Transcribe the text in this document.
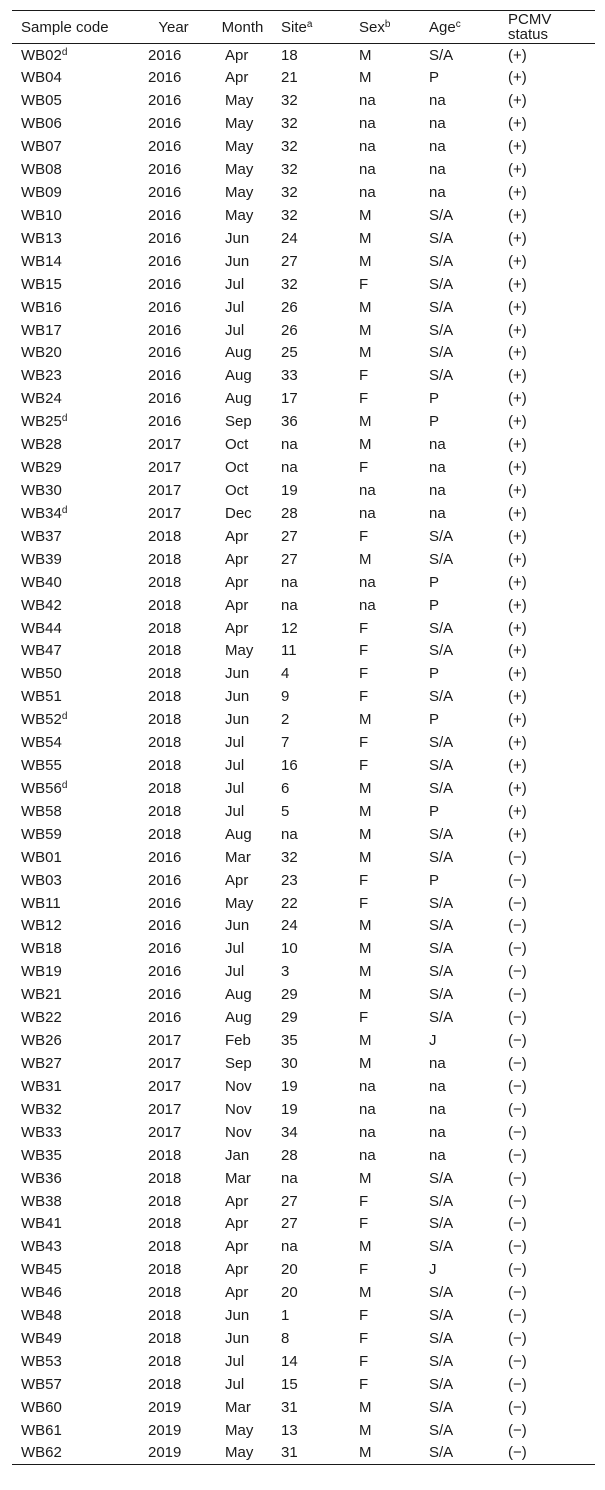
Sample code	Year	Month	Site$^a$	Sex$^b$	Age$^c$	PCMV status
WB02$^d$	2016	Apr	18	M	S/A	(+)
WB04	2016	Apr	21	M	P	(+)
WB05	2016	May	32	na	na	(+)
WB06	2016	May	32	na	na	(+)
WB07	2016	May	32	na	na	(+)
WB08	2016	May	32	na	na	(+)
WB09	2016	May	32	na	na	(+)
WB10	2016	May	32	M	S/A	(+)
WB13	2016	Jun	24	M	S/A	(+)
WB14	2016	Jun	27	M	S/A	(+)
WB15	2016	Jul	32	F	S/A	(+)
WB16	2016	Jul	26	M	S/A	(+)
WB17	2016	Jul	26	M	S/A	(+)
WB20	2016	Aug	25	M	S/A	(+)
WB23	2016	Aug	33	F	S/A	(+)
WB24	2016	Aug	17	F	P	(+)
WB25$^d$	2016	Sep	36	M	P	(+)
WB28	2017	Oct	na	M	na	(+)
WB29	2017	Oct	na	F	na	(+)
WB30	2017	Oct	19	na	na	(+)
WB34$^d$	2017	Dec	28	na	na	(+)
WB37	2018	Apr	27	F	S/A	(+)
WB39	2018	Apr	27	M	S/A	(+)
WB40	2018	Apr	na	na	P	(+)
WB42	2018	Apr	na	na	P	(+)
WB44	2018	Apr	12	F	S/A	(+)
WB47	2018	May	11	F	S/A	(+)
WB50	2018	Jun	4	F	P	(+)
WB51	2018	Jun	9	F	S/A	(+)
WB52$^d$	2018	Jun	2	M	P	(+)
WB54	2018	Jul	7	F	S/A	(+)
WB55	2018	Jul	16	F	S/A	(+)
WB56$^d$	2018	Jul	6	M	S/A	(+)
WB58	2018	Jul	5	M	P	(+)
WB59	2018	Aug	na	M	S/A	(+)
WB01	2016	Mar	32	M	S/A	(−)
WB03	2016	Apr	23	F	P	(−)
WB11	2016	May	22	F	S/A	(−)
WB12	2016	Jun	24	M	S/A	(−)
WB18	2016	Jul	10	M	S/A	(−)
WB19	2016	Jul	3	M	S/A	(−)
WB21	2016	Aug	29	M	S/A	(−)
WB22	2016	Aug	29	F	S/A	(−)
WB26	2017	Feb	35	M	J	(−)
WB27	2017	Sep	30	M	na	(−)
WB31	2017	Nov	19	na	na	(−)
WB32	2017	Nov	19	na	na	(−)
WB33	2017	Nov	34	na	na	(−)
WB35	2018	Jan	28	na	na	(−)
WB36	2018	Mar	na	M	S/A	(−)
WB38	2018	Apr	27	F	S/A	(−)
WB41	2018	Apr	27	F	S/A	(−)
WB43	2018	Apr	na	M	S/A	(−)
WB45	2018	Apr	20	F	J	(−)
WB46	2018	Apr	20	M	S/A	(−)
WB48	2018	Jun	1	F	S/A	(−)
WB49	2018	Jun	8	F	S/A	(−)
WB53	2018	Jul	14	F	S/A	(−)
WB57	2018	Jul	15	F	S/A	(−)
WB60	2019	Mar	31	M	S/A	(−)
WB61	2019	May	13	M	S/A	(−)
WB62	2019	May	31	M	S/A	(−)
